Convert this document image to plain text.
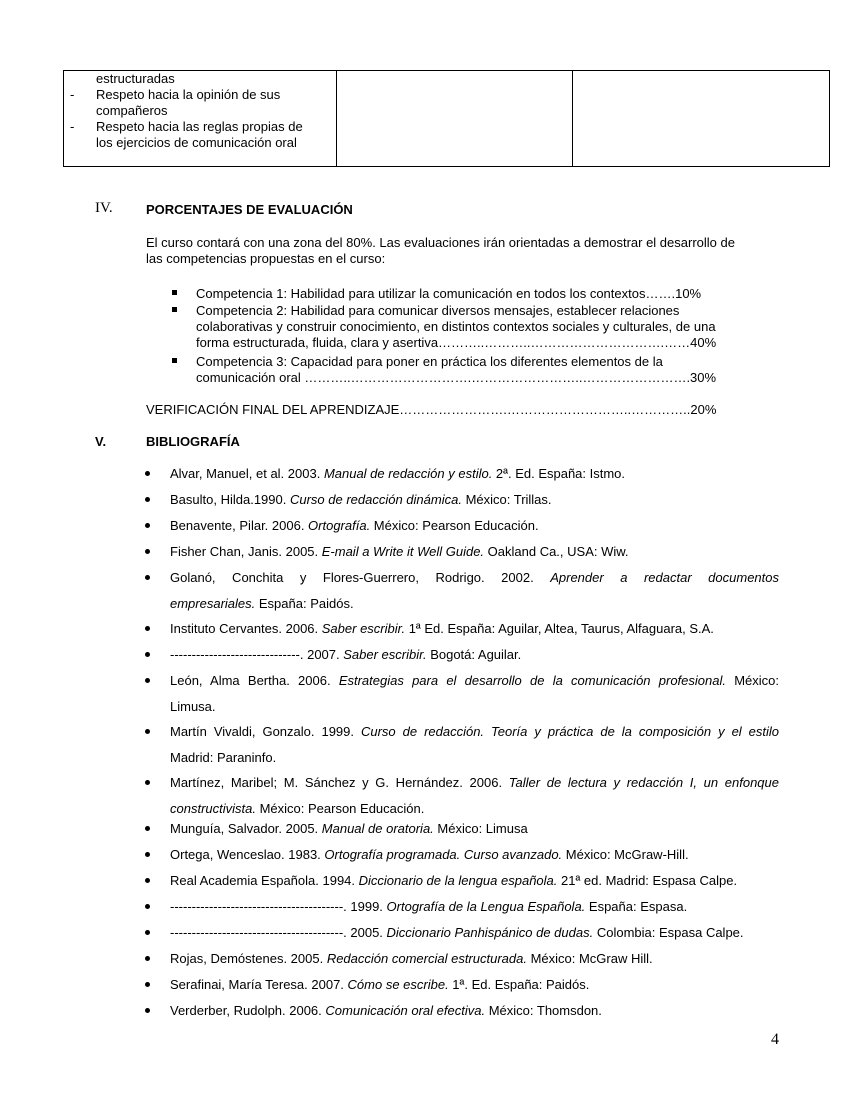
estructuradas
- Respeto hacia la opinión de sus
compañeros
- Respeto hacia las reglas propias de
los ejercicios de comunicación oral

IV.	PORCENTAJES DE EVALUACIÓN
El curso contará con una zona del 80%. Las evaluaciones irán orientadas a demostrar el desarrollo de
las competencias propuestas en el curso:
Competencia 1: Habilidad para utilizar la comunicación en todos los contextos…….10%
Competencia 2: Habilidad para comunicar diversos mensajes, establecer relaciones
colaborativas y construir conocimiento, en distintos contextos sociales y culturales, de una
forma estructurada, fluida, clara y asertiva………..………..………………………….……40%
Competencia 3: Capacidad para poner en práctica los diferentes elementos de la
comunicación oral ………..……………………….……………………..…………………….30%
VERIFICACIÓN FINAL DEL APRENDIZAJE…………………….………………………..…………..20%
V.	BIBLIOGRAFÍA
Alvar, Manuel, et al. 2003. Manual de redacción y estilo. 2ª. Ed. España: Istmo.
Basulto, Hilda.1990. Curso de redacción dinámica. México: Trillas.
Benavente, Pilar. 2006. Ortografía. México: Pearson Educación.
Fisher Chan, Janis. 2005. E-mail a Write it Well Guide. Oakland Ca., USA: Wiw.
Golanó, Conchita y Flores-Guerrero, Rodrigo. 2002. Aprender a redactar documentos
empresariales. España: Paidós.
Instituto Cervantes. 2006. Saber escribir. 1ª Ed. España: Aguilar, Altea, Taurus, Alfaguara, S.A.
------------------------------. 2007. Saber escribir. Bogotá: Aguilar.
León, Alma Bertha. 2006. Estrategias para el desarrollo de la comunicación profesional. México:
Limusa.
Martín Vivaldi, Gonzalo. 1999. Curso de redacción. Teoría y práctica de la composición y el estilo
Madrid: Paraninfo.
Martínez, Maribel; M. Sánchez y G. Hernández. 2006. Taller de lectura y redacción I, un enfonque
constructivista. México: Pearson Educación.
Munguía, Salvador. 2005. Manual de oratoria. México: Limusa
Ortega, Wenceslao. 1983. Ortografía programada. Curso avanzado. México: McGraw-Hill.
Real Academia Española. 1994. Diccionario de la lengua española. 21ª ed. Madrid: Espasa Calpe.
----------------------------------------. 1999. Ortografía de la Lengua Española. España: Espasa.
----------------------------------------. 2005. Diccionario Panhispánico de dudas. Colombia: Espasa Calpe.
Rojas, Demóstenes. 2005. Redacción comercial estructurada. México: McGraw Hill.
Serafinai, María Teresa. 2007. Cómo se escribe. 1ª. Ed. España: Paidós.
Verderber, Rudolph. 2006. Comunicación oral efectiva. México: Thomsdon.
4
